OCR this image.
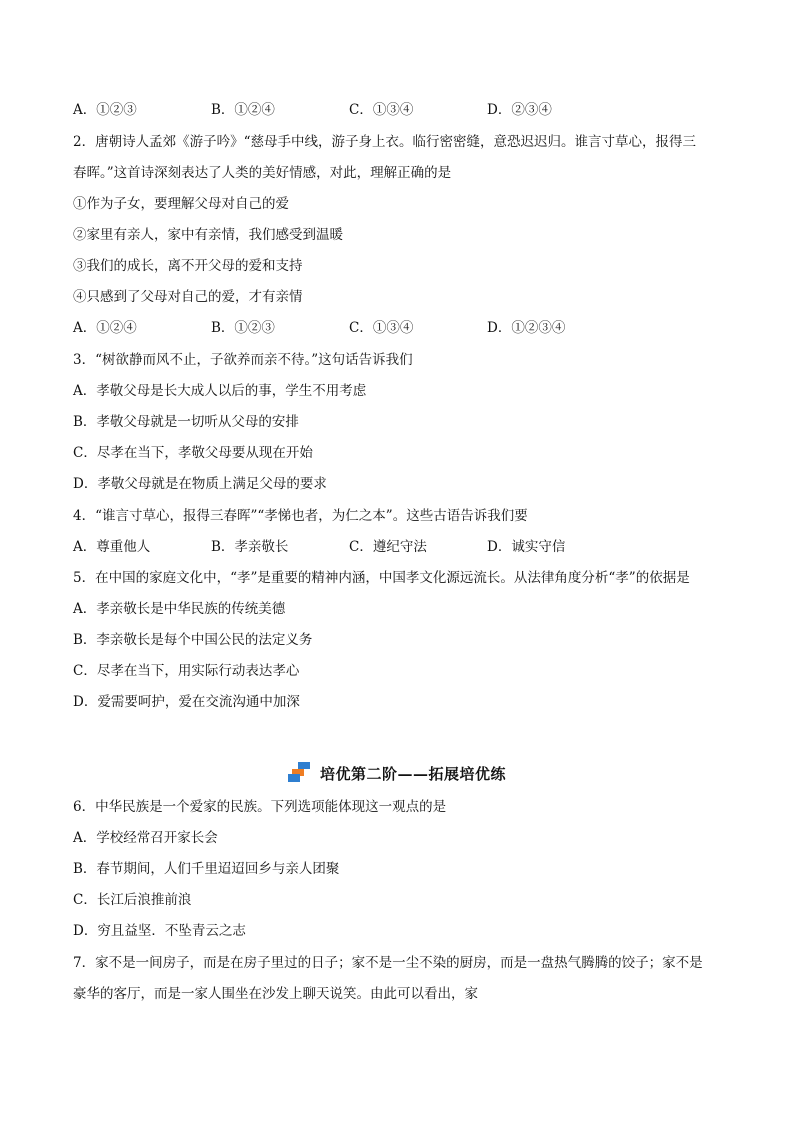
A．①②③	B．①②④	C．①③④	D．②③④
2．唐朝诗人孟郊《游子吟》“慈母手中线，游子身上衣。临行密密缝，意恐迟迟归。谁言寸草心，报得三
春晖。”这首诗深刻表达了人类的美好情感，对此，理解正确的是
①作为子女，要理解父母对自己的爱
②家里有亲人，家中有亲情，我们感受到温暖
③我们的成长，离不开父母的爱和支持
④只感到了父母对自己的爱，才有亲情
A．①②④	B．①②③	C．①③④	D．①②③④
3．“树欲静而风不止，子欲养而亲不待。”这句话告诉我们
A．孝敬父母是长大成人以后的事，学生不用考虑
B．孝敬父母就是一切听从父母的安排
C．尽孝在当下，孝敬父母要从现在开始
D．孝敬父母就是在物质上满足父母的要求
4．“谁言寸草心，报得三春晖”“孝悌也者，为仁之本”。这些古语告诉我们要
A．尊重他人	B．孝亲敬长	C．遵纪守法	D．诚实守信
5．在中国的家庭文化中，“孝”是重要的精神内涵，中国孝文化源远流长。从法律角度分析“孝”的依据是
A．孝亲敬长是中华民族的传统美德
B．李亲敬长是每个中国公民的法定义务
C．尽孝在当下，用实际行动表达孝心
D．爱需要呵护，爱在交流沟通中加深
培优第二阶——拓展培优练
6．中华民族是一个爱家的民族。下列选项能体现这一观点的是
A．学校经常召开家长会
B．春节期间，人们千里迢迢回乡与亲人团聚
C．长江后浪推前浪
D．穷且益坚．不坠青云之志
7．家不是一间房子，而是在房子里过的日子；家不是一尘不染的厨房，而是一盘热气腾腾的饺子；家不是
豪华的客厅，而是一家人围坐在沙发上聊天说笑。由此可以看出，家
